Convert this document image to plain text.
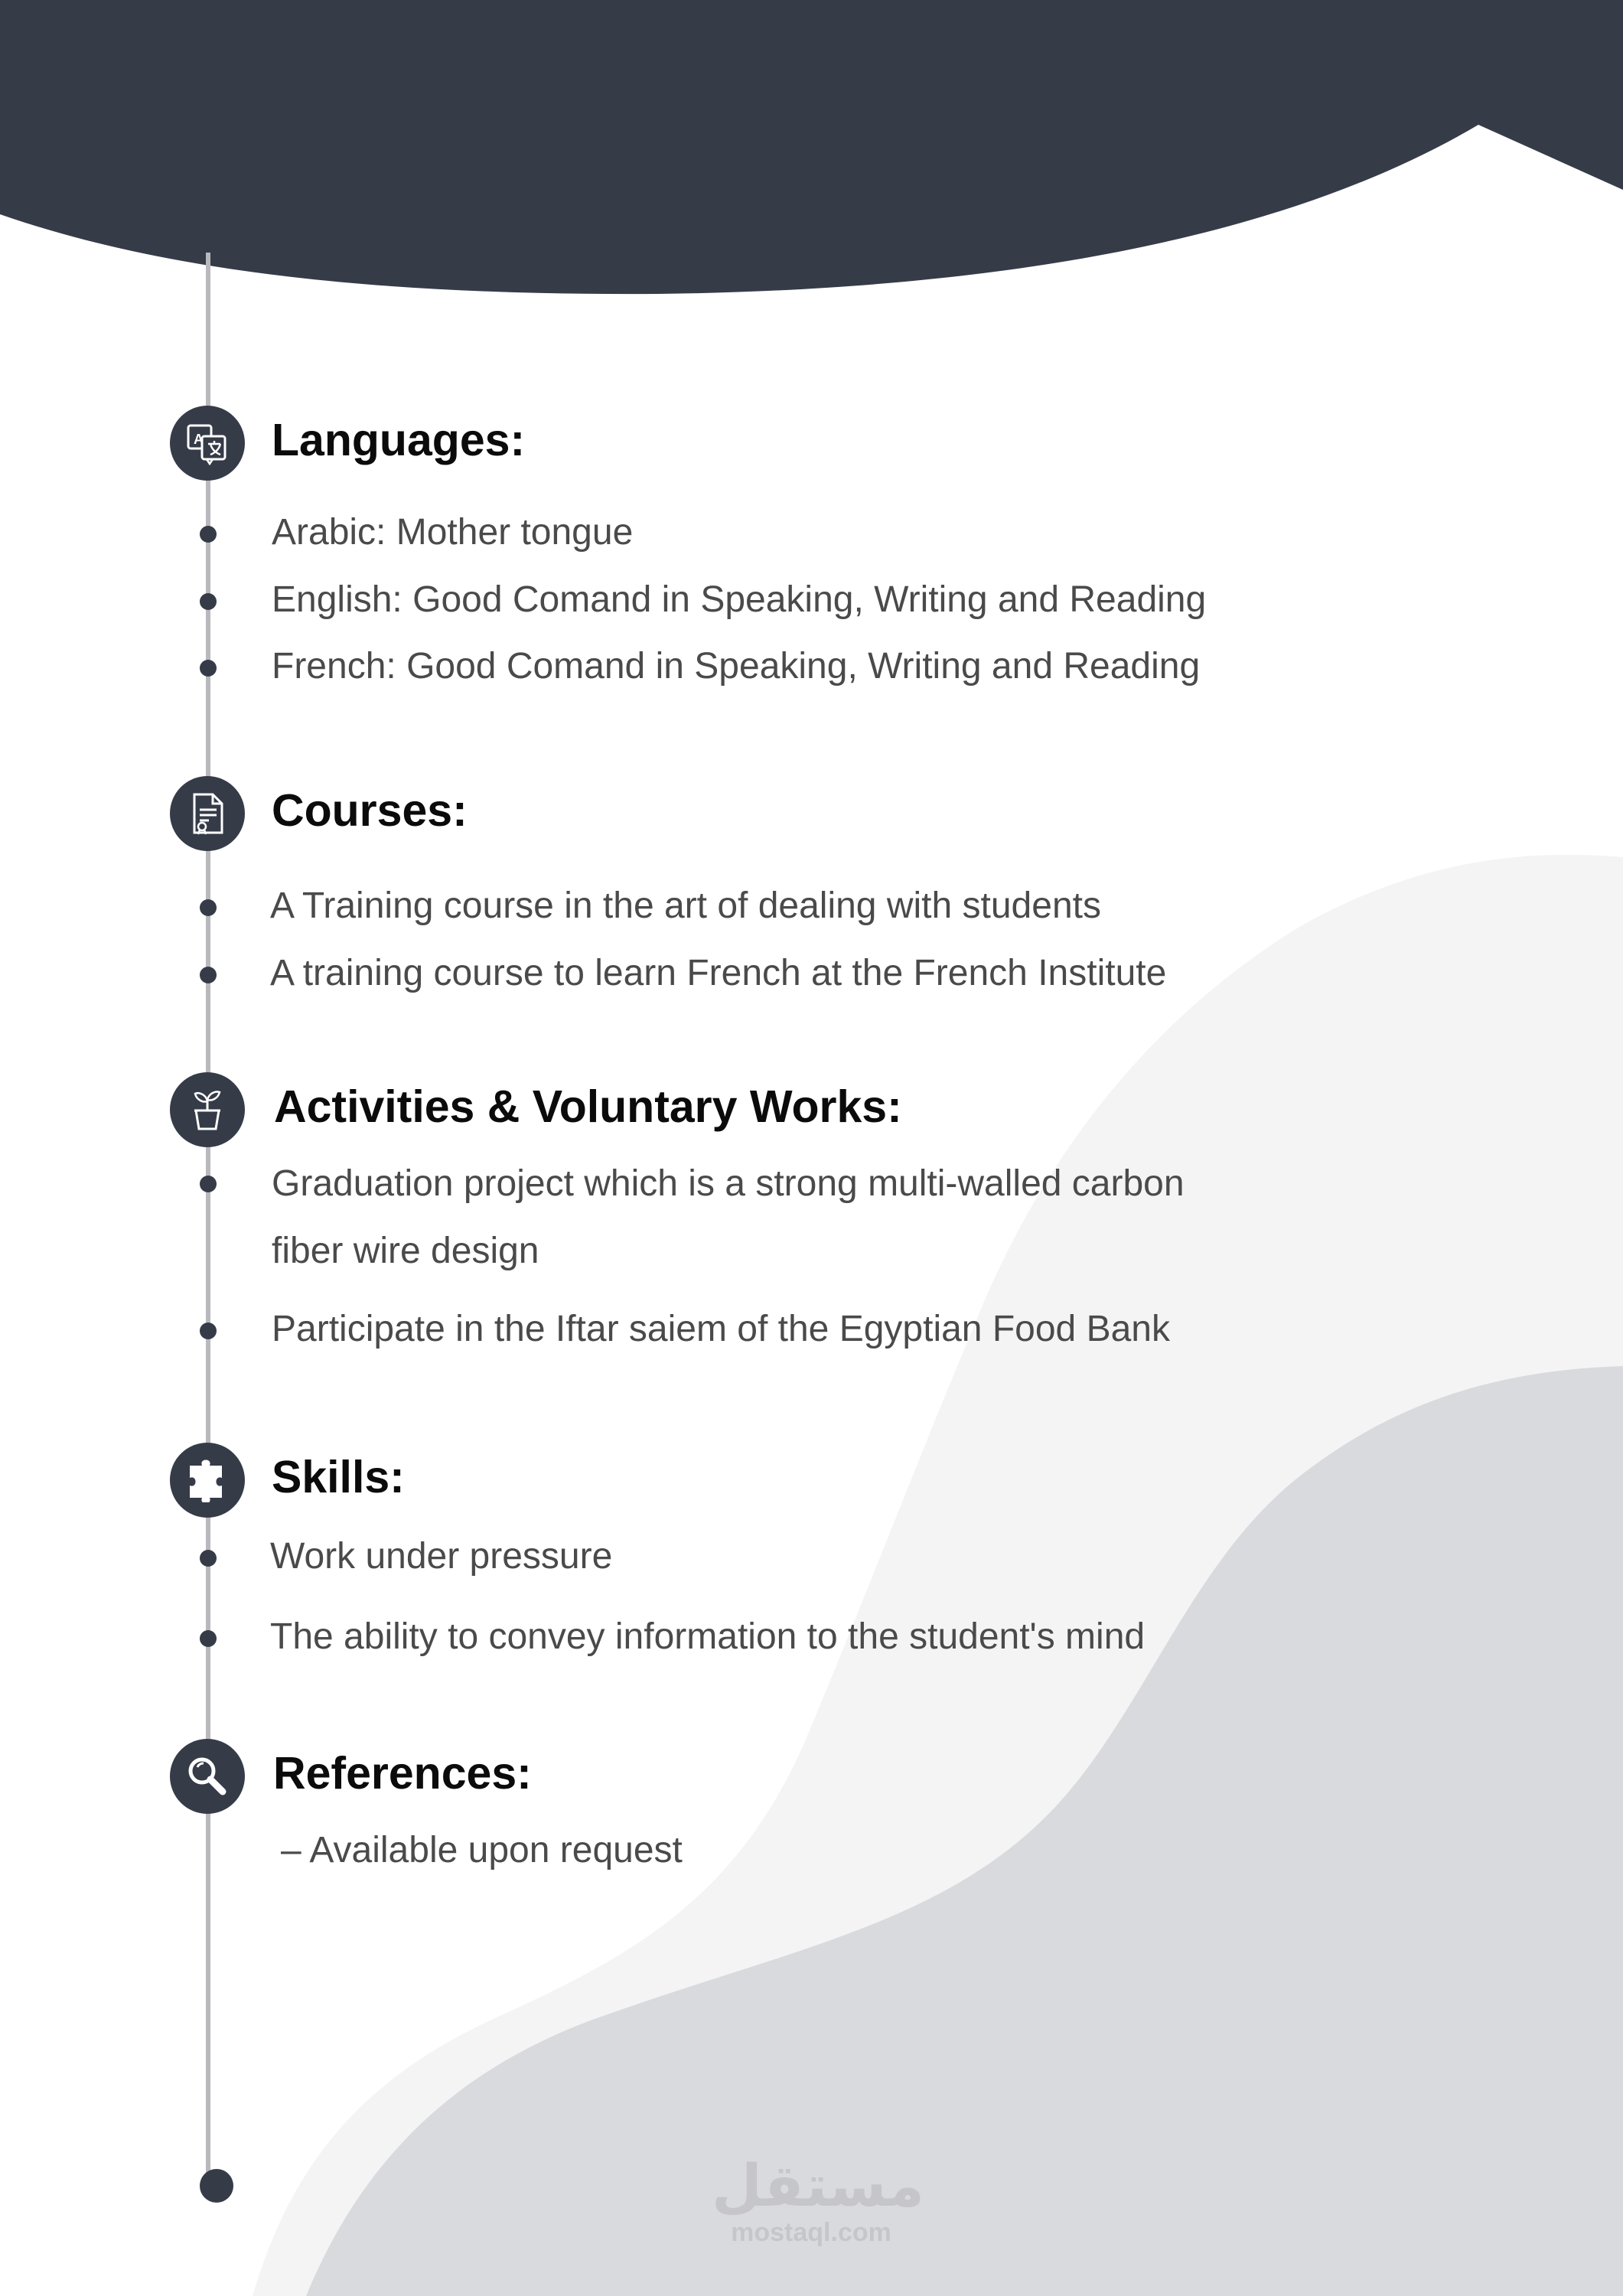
A Languages:
Arabic: Mother tongue
English: Good Comand in Speaking, Writing and Reading
French: Good Comand in Speaking, Writing and Reading
Courses:
A Training course in the art of dealing with students
A training course to learn French at the French Institute
Activities & Voluntary Works:
Graduation project which is a strong multi-walled carbon fiber wire design
Participate in the Iftar saiem of the Egyptian Food Bank
Skills:
Work under pressure
The ability to convey information to the student's mind
References:
– Available upon request
مستقل
mostaql.com
